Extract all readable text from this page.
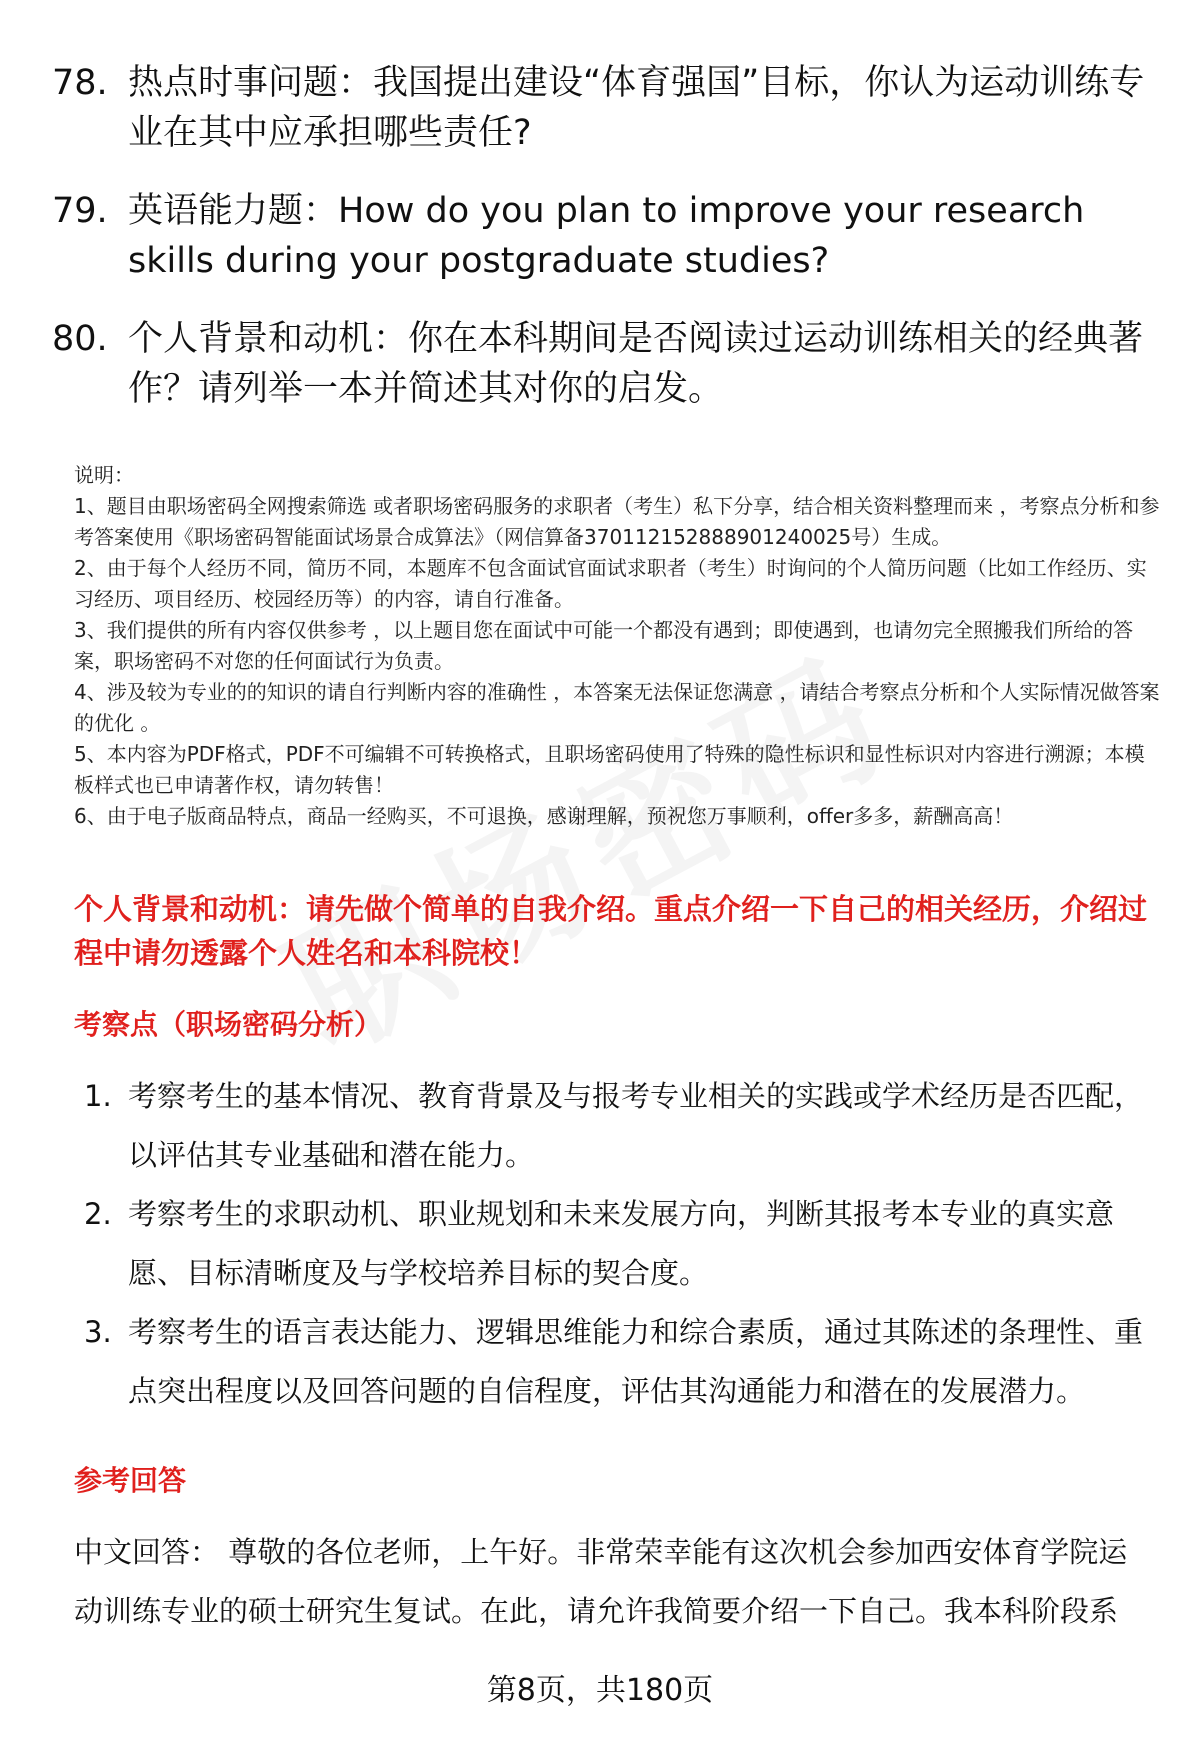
78. 热点时事问题：我国提出建设“体育强国”目标，你认为运动训练专业在其中应承担哪些责任?
79. 英语能力题：How do you plan to improve your research skills during your postgraduate studies?
80. 个人背景和动机：你在本科期间是否阅读过运动训练相关的经典著作？请列举一本并简述其对你的启发。

说明：

1、题目由职场密码全网搜索筛选 或者职场密码服务的求职者（考生）私下分享，结合相关资料整理而来 ，考察点分析和参考答案使用《职场密码智能面试场景合成算法》（网信算备370112152888901240025号）生成。

2、由于每个人经历不同，简历不同，本题库不包含面试官面试求职者（考生）时询问的个人简历问题（比如工作经历、实习经历、项目经历、校园经历等）的内容，请自行准备。

3、我们提供的所有内容仅供参考 ，以上题目您在面试中可能一个都没有遇到；即使遇到，也请勿完全照搬我们所给的答案，职场密码不对您的任何面试行为负责。

4、涉及较为专业的的知识的请自行判断内容的准确性 ，本答案无法保证您满意 ，请结合考察点分析和个人实际情况做答案的优化 。

5、本内容为PDF格式，PDF不可编辑不可转换格式，且职场密码使用了特殊的隐性标识和显性标识对内容进行溯源；本模板样式也已申请著作权，请勿转售！

6、由于电子版商品特点，商品一经购买，不可退换，感谢理解，预祝您万事顺利，offer多多，薪酬高高！

个人背景和动机：请先做个简单的自我介绍。重点介绍一下自己的相关经历，介绍过程中请勿透露个人姓名和本科院校！
考察点（职场密码分析）
1. 考察考生的基本情况、教育背景及与报考专业相关的实践或学术经历是否匹配，以评估其专业基础和潜在能力。
2. 考察考生的求职动机、职业规划和未来发展方向，判断其报考本专业的真实意愿、目标清晰度及与学校培养目标的契合度。
3. 考察考生的语言表达能力、逻辑思维能力和综合素质，通过其陈述的条理性、重点突出程度以及回答问题的自信程度，评估其沟通能力和潜在的发展潜力。
参考回答
中文回答： 尊敬的各位老师，上午好。非常荣幸能有这次机会参加西安体育学院运动训练专业的硕士研究生复试。在此，请允许我简要介绍一下自己。我本科阶段系
第8页，共180页
